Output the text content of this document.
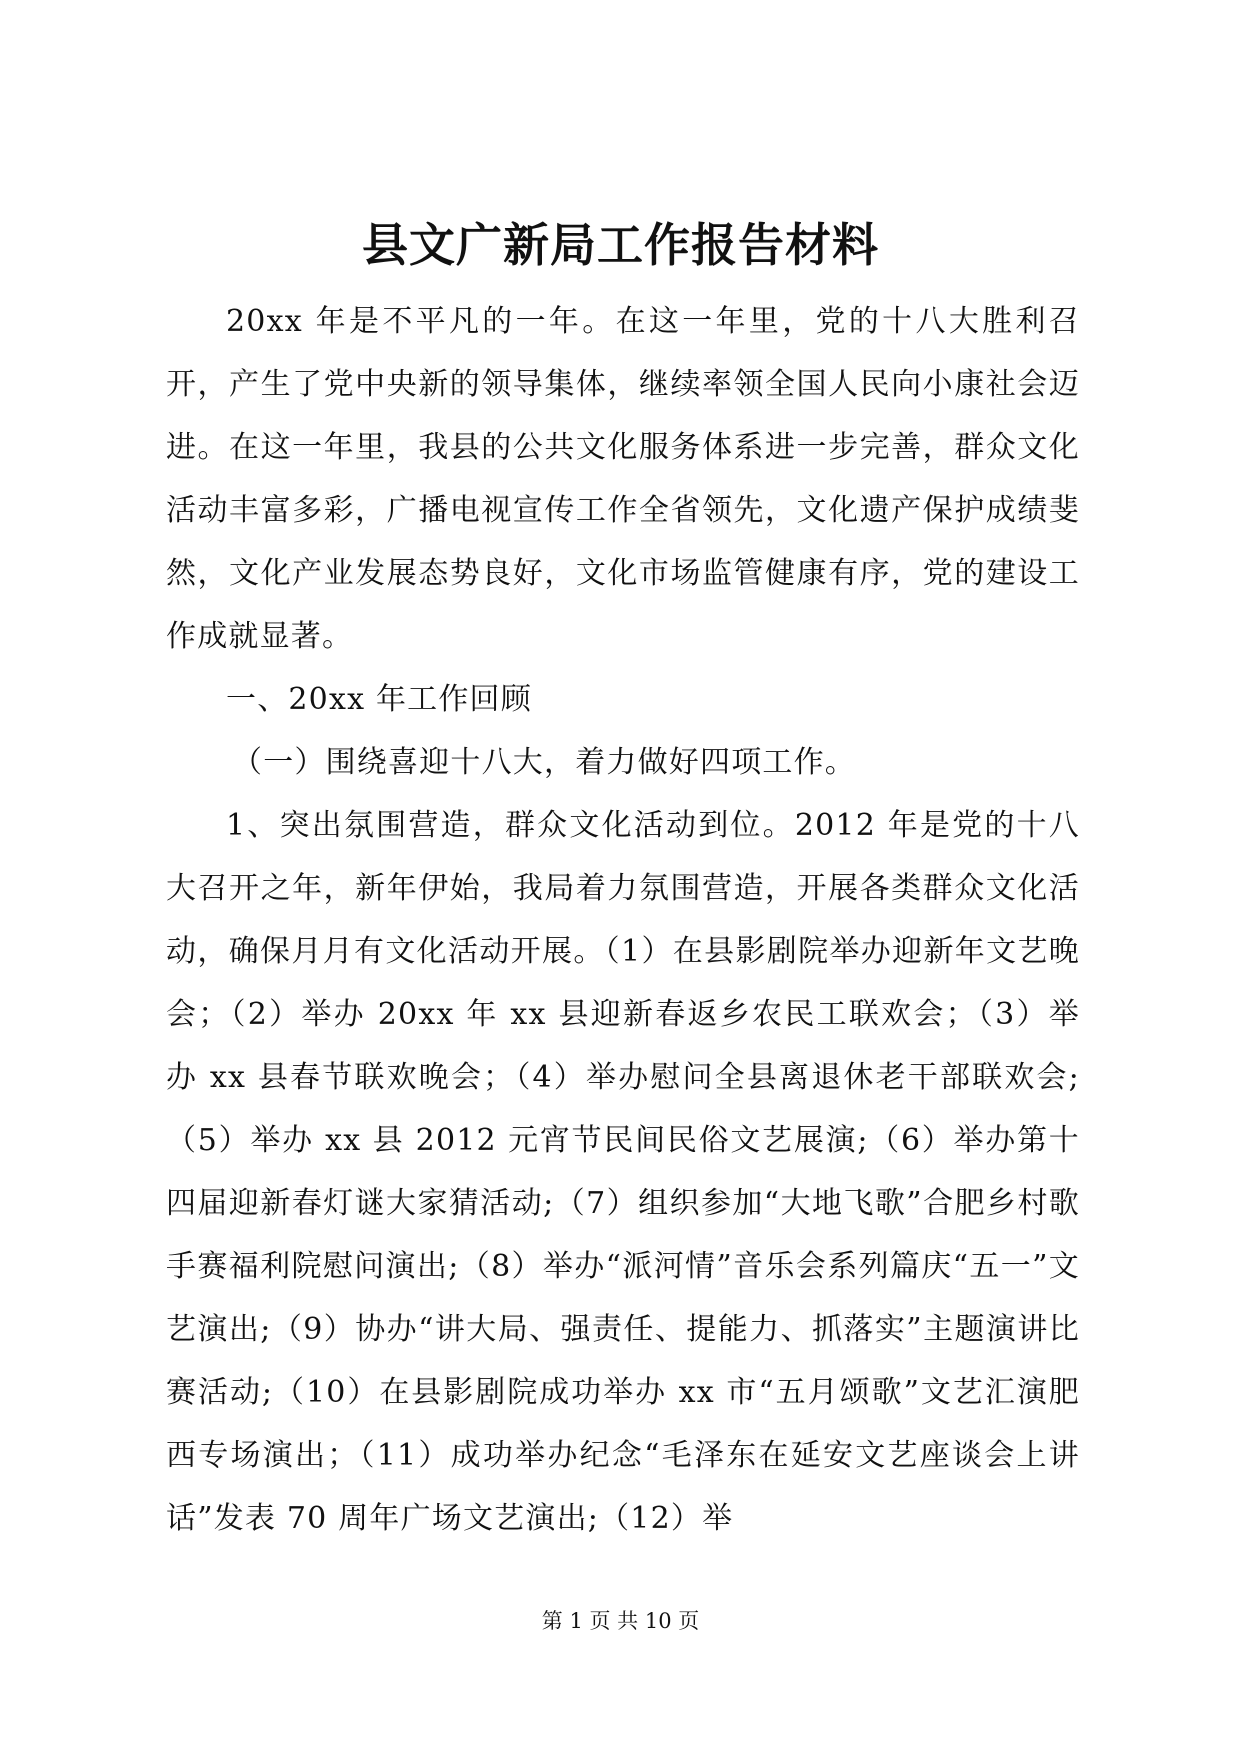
县文广新局工作报告材料

20xx 年是不平凡的一年。在这一年里，党的十八大胜利召开，产生了党中央新的领导集体，继续率领全国人民向小康社会迈进。在这一年里，我县的公共文化服务体系进一步完善，群众文化活动丰富多彩，广播电视宣传工作全省领先，文化遗产保护成绩斐然，文化产业发展态势良好，文化市场监管健康有序，党的建设工作成就显著。

一、20xx 年工作回顾

（一）围绕喜迎十八大，着力做好四项工作。

1、突出氛围营造，群众文化活动到位。2012 年是党的十八大召开之年，新年伊始，我局着力氛围营造，开展各类群众文化活动，确保月月有文化活动开展。（1）在县影剧院举办迎新年文艺晚会；（2）举办 20xx 年 xx 县迎新春返乡农民工联欢会；（3）举办 xx 县春节联欢晚会；（4）举办慰问全县离退休老干部联欢会;（5）举办 xx 县 2012 元宵节民间民俗文艺展演;（6）举办第十四届迎新春灯谜大家猜活动;（7）组织参加“大地飞歌”合肥乡村歌手赛福利院慰问演出;（8）举办“派河情”音乐会系列篇庆“五一”文艺演出;（9）协办“讲大局、强责任、提能力、抓落实”主题演讲比赛活动;（10）在县影剧院成功举办 xx 市“五月颂歌”文艺汇演肥西专场演出；（11）成功举办纪念“毛泽东在延安文艺座谈会上讲话”发表 70 周年广场文艺演出;（12）举

第 1 页 共 10 页
